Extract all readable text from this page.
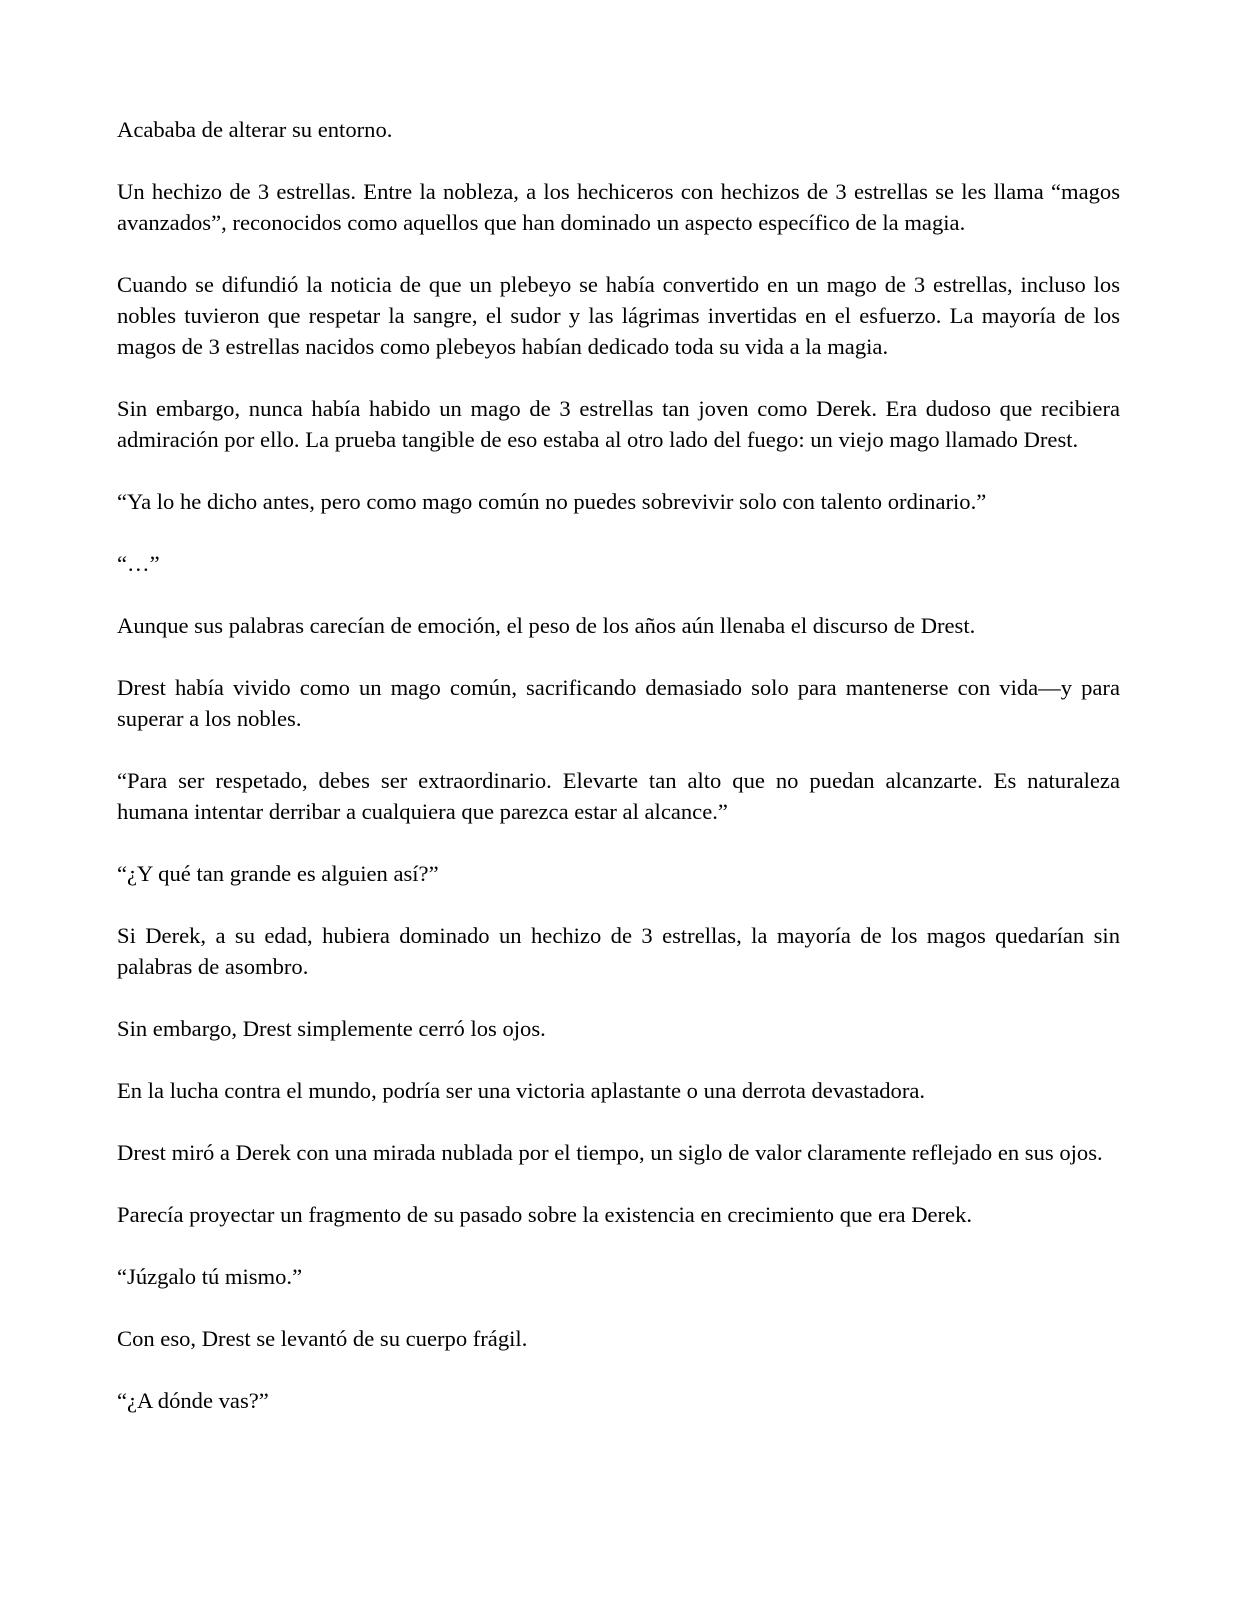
Acababa de alterar su entorno.

Un hechizo de 3 estrellas. Entre la nobleza, a los hechiceros con hechizos de 3 estrellas se les llama “magos avanzados”, reconocidos como aquellos que han dominado un aspecto específico de la magia.

Cuando se difundió la noticia de que un plebeyo se había convertido en un mago de 3 estrellas, incluso los nobles tuvieron que respetar la sangre, el sudor y las lágrimas invertidas en el esfuerzo. La mayoría de los magos de 3 estrellas nacidos como plebeyos habían dedicado toda su vida a la magia.

Sin embargo, nunca había habido un mago de 3 estrellas tan joven como Derek. Era dudoso que recibiera admiración por ello. La prueba tangible de eso estaba al otro lado del fuego: un viejo mago llamado Drest.

“Ya lo he dicho antes, pero como mago común no puedes sobrevivir solo con talento ordinario.”

“…”

Aunque sus palabras carecían de emoción, el peso de los años aún llenaba el discurso de Drest.

Drest había vivido como un mago común, sacrificando demasiado solo para mantenerse con vida—y para superar a los nobles.

“Para ser respetado, debes ser extraordinario. Elevarte tan alto que no puedan alcanzarte. Es naturaleza humana intentar derribar a cualquiera que parezca estar al alcance.”

“¿Y qué tan grande es alguien así?”

Si Derek, a su edad, hubiera dominado un hechizo de 3 estrellas, la mayoría de los magos quedarían sin palabras de asombro.

Sin embargo, Drest simplemente cerró los ojos.

En la lucha contra el mundo, podría ser una victoria aplastante o una derrota devastadora.

Drest miró a Derek con una mirada nublada por el tiempo, un siglo de valor claramente reflejado en sus ojos.

Parecía proyectar un fragmento de su pasado sobre la existencia en crecimiento que era Derek.

“Júzgalo tú mismo.”

Con eso, Drest se levantó de su cuerpo frágil.

“¿A dónde vas?”
